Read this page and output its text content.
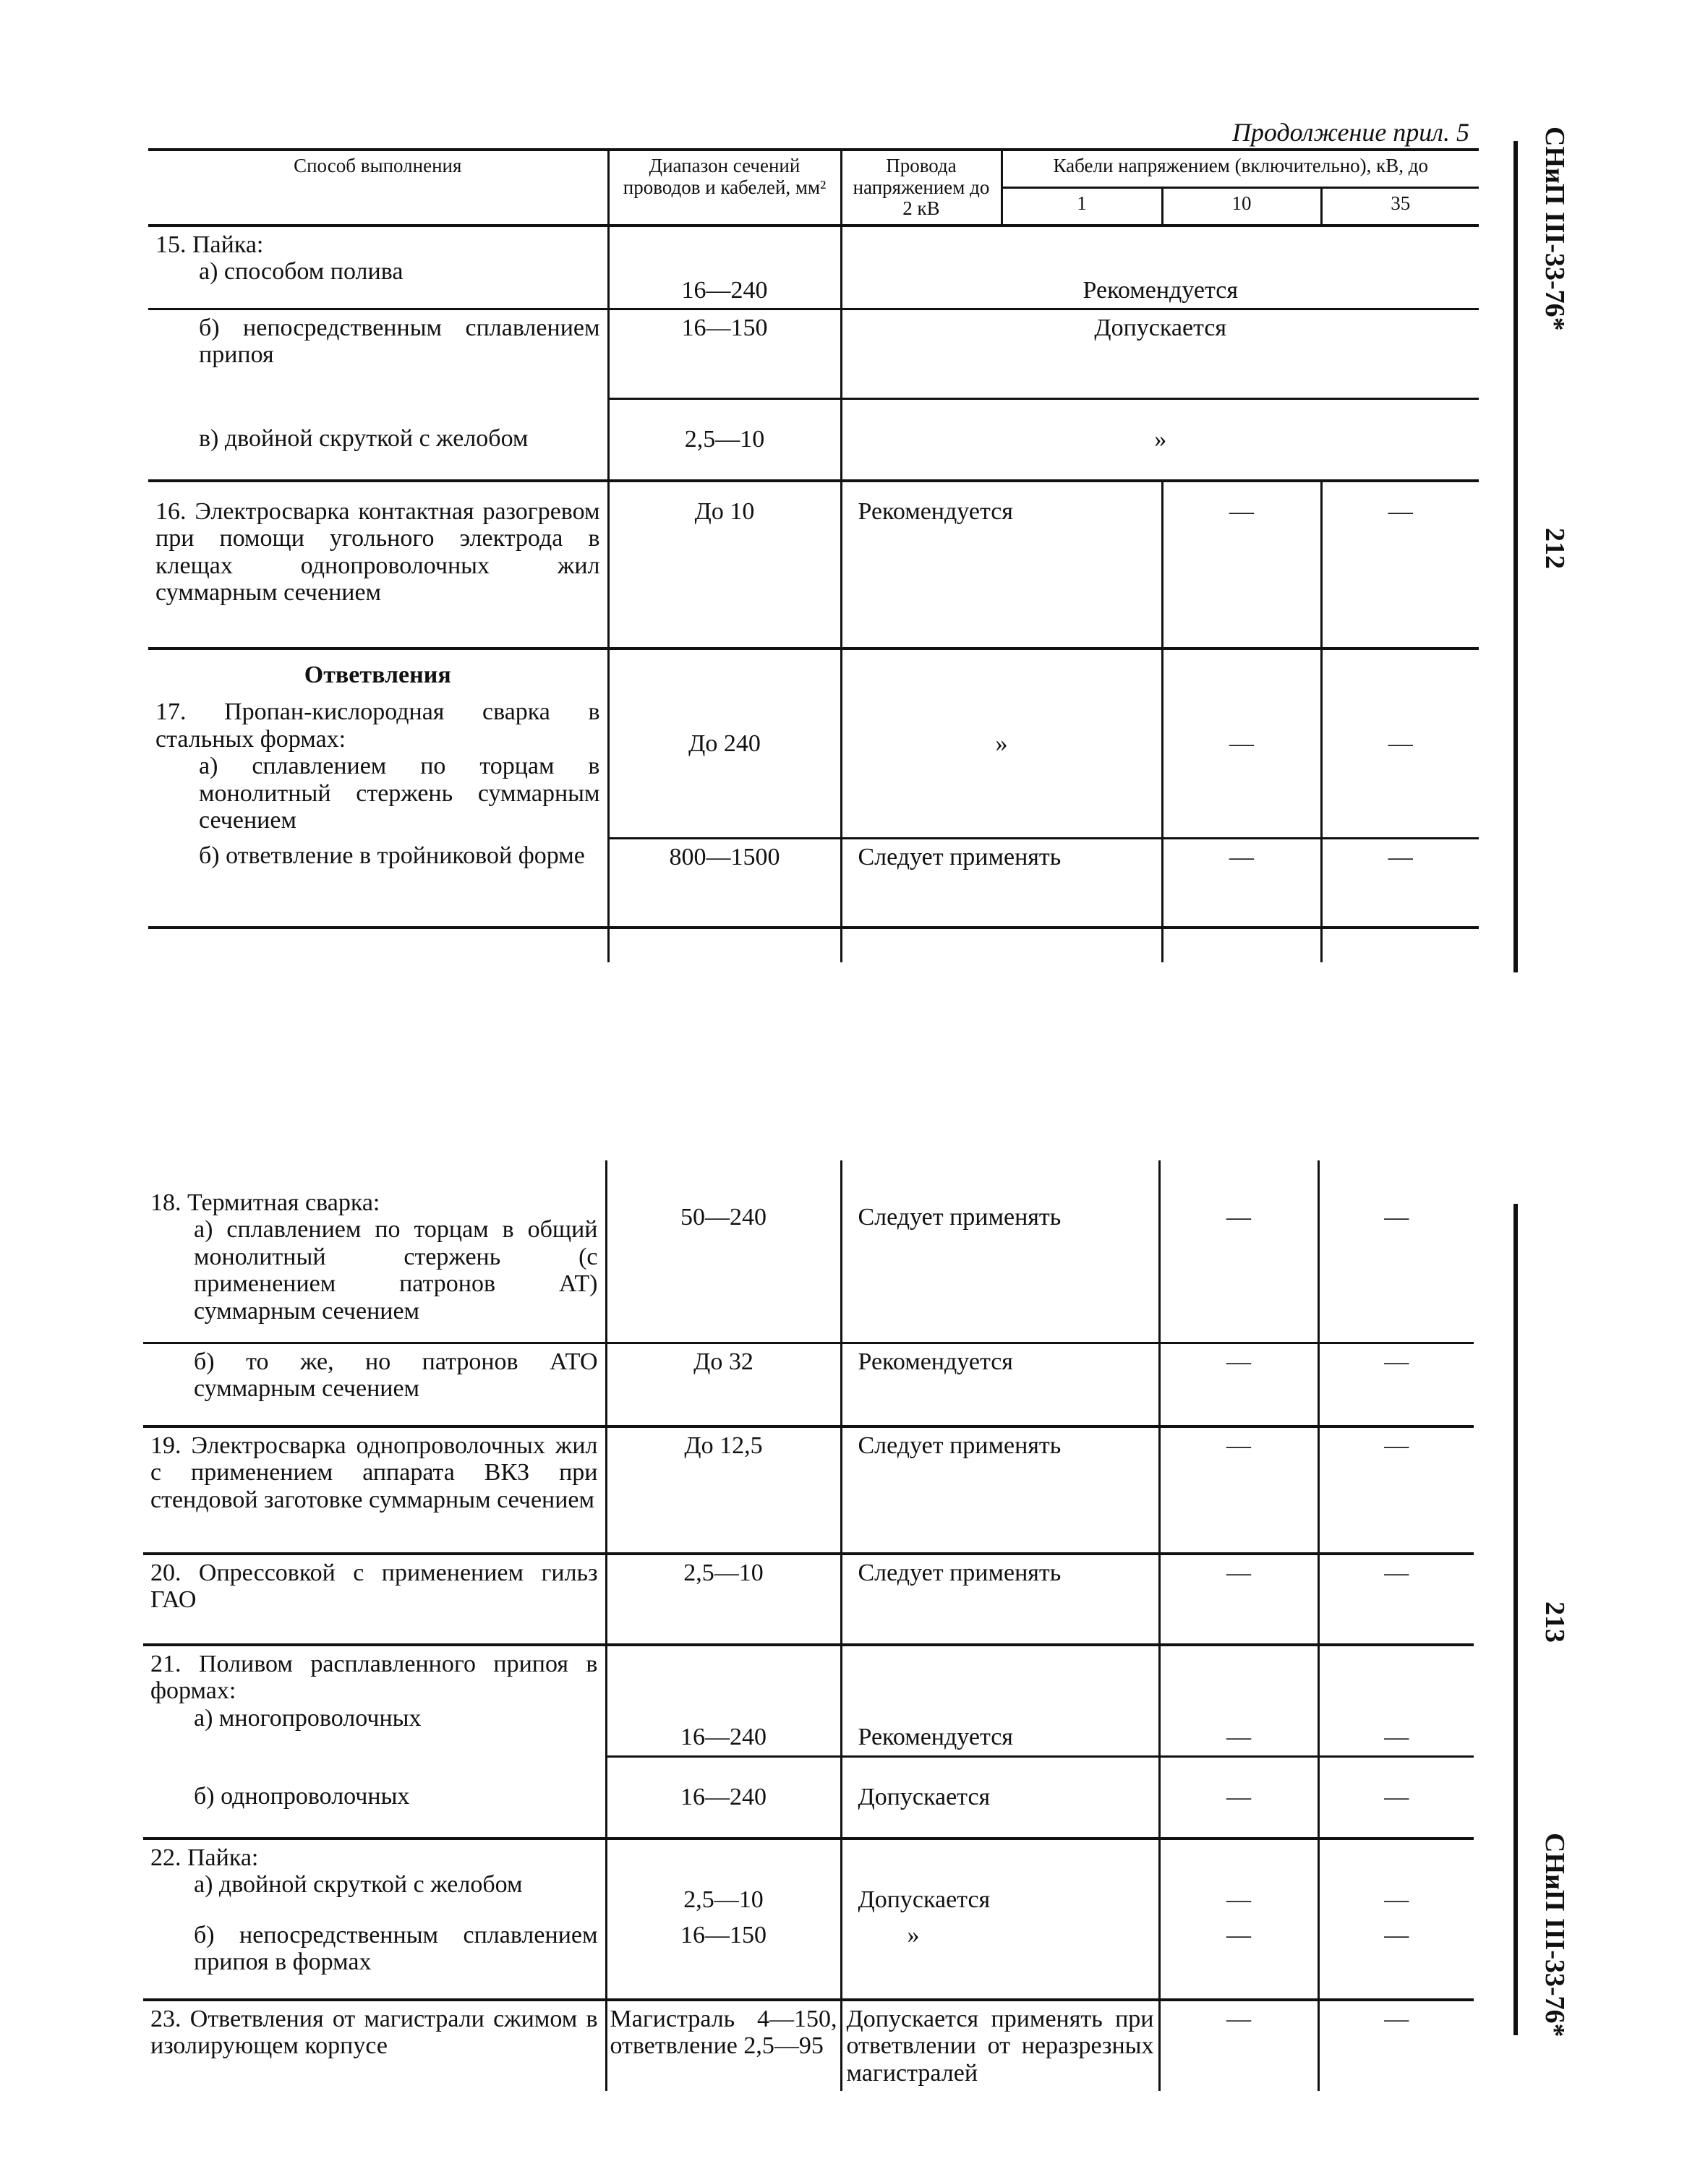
Продолжение прил. 5
Способ выполнения	Диапазон сечений проводов и кабелей, мм²	Провода напряжением до 2 кВ	Кабели напряжением (включительно), кВ, до		
			1	10	35
15. Пайка:
а) способом полива	16—240	Рекомендуется			

б) непосредственным сплавлением припоя	16—150	Допускается			

в) двойной скруткой с желобом	2,5—10	»			
16. Электросварка контактная разогревом при помощи угольного электрода в клещах однопроволочных жил суммарным сечением	До 10	Рекомендуется		—	—

Ответвления
17. Пропан-кислородная сварка в стальных формах:
а) сплавлением по торцам в монолитный стержень суммарным сечением	До 240	»		—	—

б) ответвление в тройниковой форме	800—1500	Следует применять		—	—

18. Термитная сварка:
а) сплавлением по торцам в общий монолитный стержень (с применением патронов АТ) суммарным сечением	50—240	Следует применять	—	—

б) то же, но патронов АТО суммарным сечением	До 32	Рекомендуется	—	—
19. Электросварка однопроволочных жил с применением аппарата ВКЗ при стендовой заготовке суммарным сечением	До 12,5	Следует применять	—	—
20. Опрессовкой с применением гильз ГАО	2,5—10	Следует применять	—	—
21. Поливом расплавленного припоя в формах:
а) многопроволочных	16—240	Рекомендуется	—	—

б) однопроволочных	16—240	Допускается	—	—
22. Пайка:
а) двойной скруткой с желобом	2,5—10	Допускается	—	—

б) непосредственным сплавлением припоя в формах	16—150	»	—	—
23. Ответвления от магистрали сжимом в изолирующем корпусе	Магистраль 4—150, ответвление 2,5—95	Допускается применять при ответвлении от неразрезных магистралей	—	—
СНиП III-33-76*
212
213
СНиП III-33-76*
